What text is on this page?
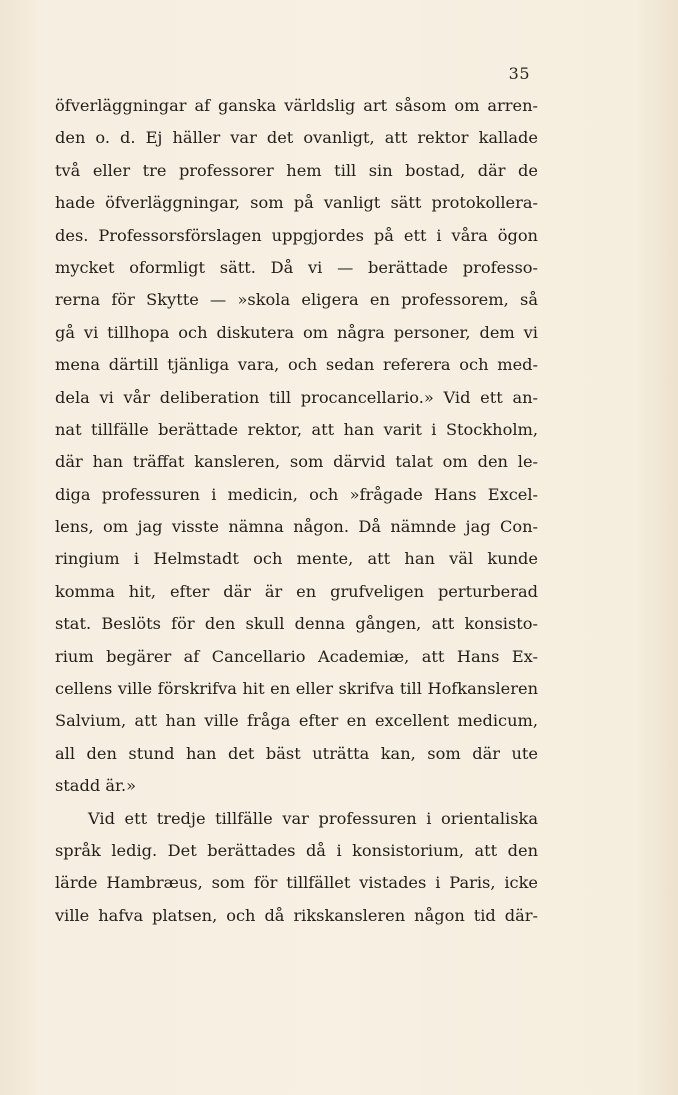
35
öfverläggningar af ganska världslig art såsom om arren-
den o. d. Ej häller var det ovanligt, att rektor kallade
två eller tre professorer hem till sin bostad, där de
hade öfverläggningar, som på vanligt sätt protokollera-
des. Professorsförslagen uppgjordes på ett i våra ögon
mycket oformligt sätt. Då vi — berättade professo-
rerna för Skytte — »skola eligera en professorem, så
gå vi tillhopa och diskutera om några personer, dem vi
mena därtill tjänliga vara, och sedan referera och med-
dela vi vår deliberation till procancellario.» Vid ett an-
nat tillfälle berättade rektor, att han varit i Stockholm,
där han träffat kansleren, som därvid talat om den le-
diga professuren i medicin, och »frågade Hans Excel-
lens, om jag visste nämna någon. Då nämnde jag Con-
ringium i Helmstadt och mente, att han väl kunde
komma hit, efter där är en grufveligen perturberad
stat. Beslöts för den skull denna gången, att konsisto-
rium begärer af Cancellario Academiæ, att Hans Ex-
cellens ville förskrifva hit en eller skrifva till Hofkansleren
Salvium, att han ville fråga efter en excellent medicum,
all den stund han det bäst uträtta kan, som där ute
stadd är.»
Vid ett tredje tillfälle var professuren i orientaliska
språk ledig. Det berättades då i konsistorium, att den
lärde Hambræus, som för tillfället vistades i Paris, icke
ville hafva platsen, och då rikskansleren någon tid där-
